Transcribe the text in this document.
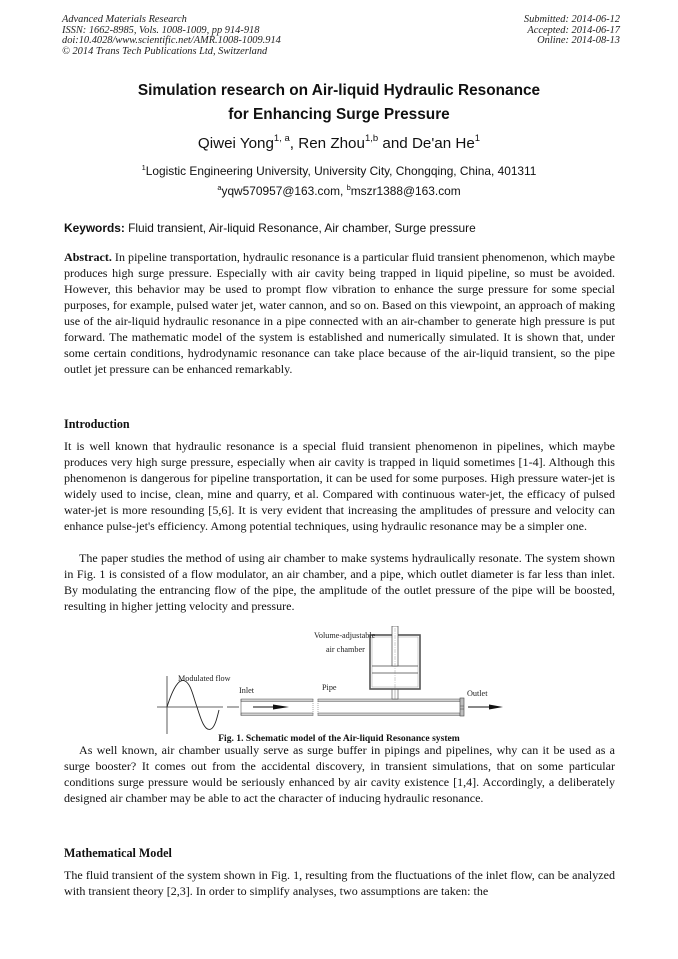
Advanced Materials Research
ISSN: 1662-8985, Vols. 1008-1009, pp 914-918
doi:10.4028/www.scientific.net/AMR.1008-1009.914
© 2014 Trans Tech Publications Ltd, Switzerland
Submitted: 2014-06-12
Accepted: 2014-06-17
Online: 2014-08-13
Simulation research on Air-liquid Hydraulic Resonance
for Enhancing Surge Pressure
Qiwei Yong$^{1, a}$, Ren Zhou$^{1,b}$ and De'an He$^1$
$^1$Logistic Engineering University, University City, Chongqing, China, 401311
$^a$yqw570957@163.com, $^b$mszr1388@163.com
Keywords: Fluid transient, Air-liquid Resonance, Air chamber, Surge pressure
Abstract. In pipeline transportation, hydraulic resonance is a particular fluid transient phenomenon, which maybe produces high surge pressure. Especially with air cavity being trapped in liquid pipeline, so must be avoided. However, this behavior may be used to prompt flow vibration to enhance the surge pressure for some special purposes, for example, pulsed water jet, water cannon, and so on. Based on this viewpoint, an approach of making use of the air-liquid hydraulic resonance in a pipe connected with an air-chamber to generate high pressure is put forward. The mathematic model of the system is established and numerically simulated. It is shown that, under some certain conditions, hydrodynamic resonance can take place because of the air-liquid transient, so the pipe outlet jet pressure can be enhanced remarkably.
Introduction
It is well known that hydraulic resonance is a special fluid transient phenomenon in pipelines, which maybe produces very high surge pressure, especially when air cavity is trapped in liquid sometimes [1-4]. Although this phenomenon is dangerous for pipeline transportation, it can be used for some purposes. High pressure water-jet is widely used to incise, clean, mine and quarry, et al. Compared with continuous water-jet, the efficacy of pulsed water-jet is more resounding [5,6]. It is very evident that increasing the amplitudes of pressure and velocity can enhance pulse-jet's efficiency. Among potential techniques, using hydraulic resonance may be a simpler one.
The paper studies the method of using air chamber to make systems hydraulically resonate. The system shown in Fig. 1 is consisted of a flow modulator, an air chamber, and a pipe, which outlet diameter is far less than inlet. By modulating the entrancing flow of the pipe, the amplitude of the outlet pressure of the pipe will be boosted, resulting in higher jetting velocity and pressure.
Modulated flow
Inlet	Pipe
Volume-adjustable
air chamber
Outlet
Fig. 1. Schematic model of the Air-liquid Resonance system
As well known, air chamber usually serve as surge buffer in pipings and pipelines, why can it be used as a surge booster? It comes out from the accidental discovery, in transient simulations, that on some particular conditions surge pressure would be seriously enhanced by air cavity existence [1,4]. Accordingly, a deliberately designed air chamber may be able to act the character of inducing hydraulic resonance.
Mathematical Model
The fluid transient of the system shown in Fig. 1, resulting from the fluctuations of the inlet flow, can be analyzed with transient theory [2,3]. In order to simplify analyses, two assumptions are taken: the
